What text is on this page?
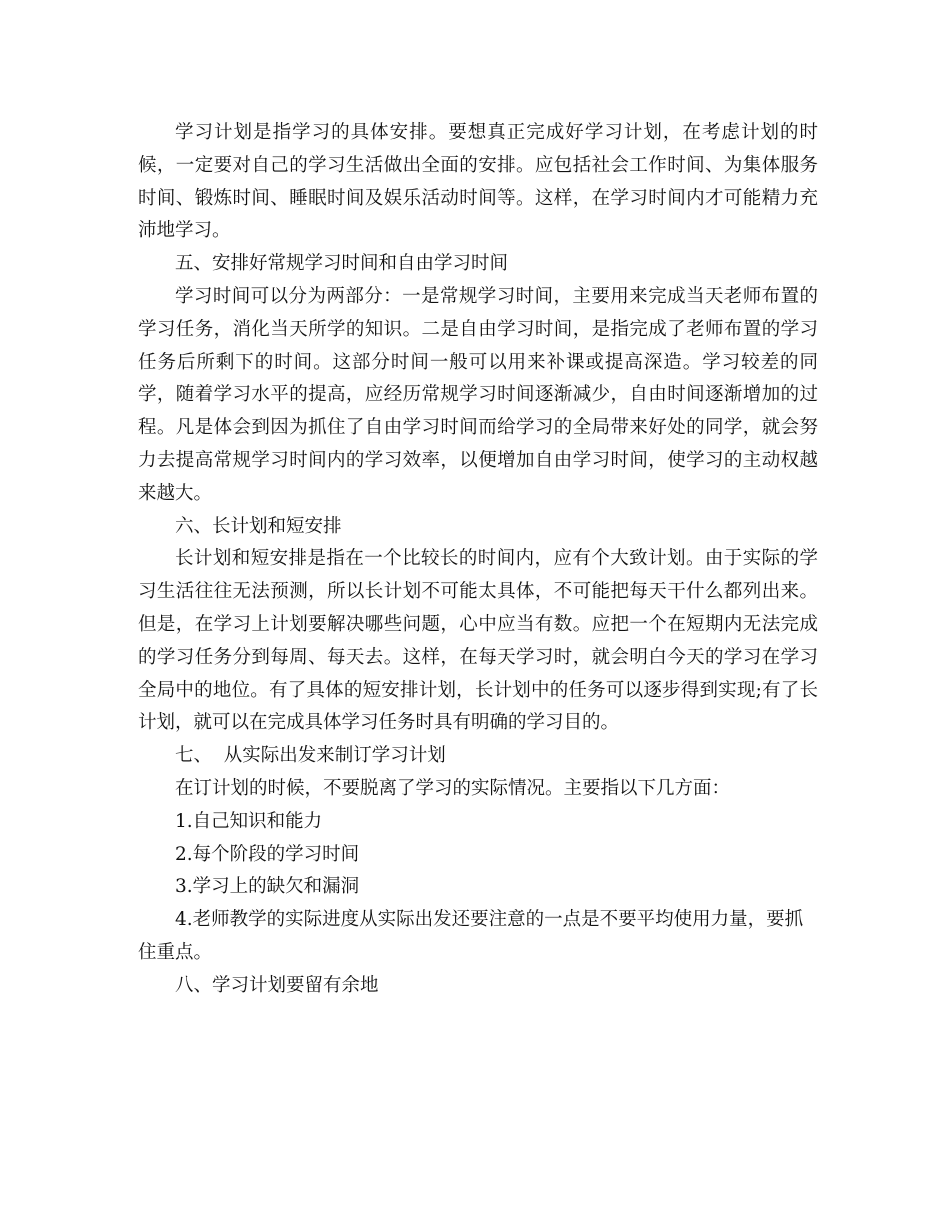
学习计划是指学习的具体安排。要想真正完成好学习计划，在考虑计划的时候，一定要对自己的学习生活做出全面的安排。应包括社会工作时间、为集体服务时间、锻炼时间、睡眠时间及娱乐活动时间等。这样，在学习时间内才可能精力充沛地学习。

五、安排好常规学习时间和自由学习时间

学习时间可以分为两部分：一是常规学习时间，主要用来完成当天老师布置的学习任务，消化当天所学的知识。二是自由学习时间，是指完成了老师布置的学习任务后所剩下的时间。这部分时间一般可以用来补课或提高深造。学习较差的同学，随着学习水平的提高，应经历常规学习时间逐渐减少，自由时间逐渐增加的过程。凡是体会到因为抓住了自由学习时间而给学习的全局带来好处的同学，就会努力去提高常规学习时间内的学习效率，以便增加自由学习时间，使学习的主动权越来越大。

六、长计划和短安排

长计划和短安排是指在一个比较长的时间内，应有个大致计划。由于实际的学习生活往往无法预测，所以长计划不可能太具体，不可能把每天干什么都列出来。但是，在学习上计划要解决哪些问题，心中应当有数。应把一个在短期内无法完成的学习任务分到每周、每天去。这样，在每天学习时，就会明白今天的学习在学习全局中的地位。有了具体的短安排计划，长计划中的任务可以逐步得到实现;有了长计划，就可以在完成具体学习任务时具有明确的学习目的。

七、  从实际出发来制订学习计划

在订计划的时候，不要脱离了学习的实际情况。主要指以下几方面：

1.自己知识和能力

2.每个阶段的学习时间

3.学习上的缺欠和漏洞

4.老师教学的实际进度从实际出发还要注意的一点是不要平均使用力量，要抓住重点。

八、学习计划要留有余地
